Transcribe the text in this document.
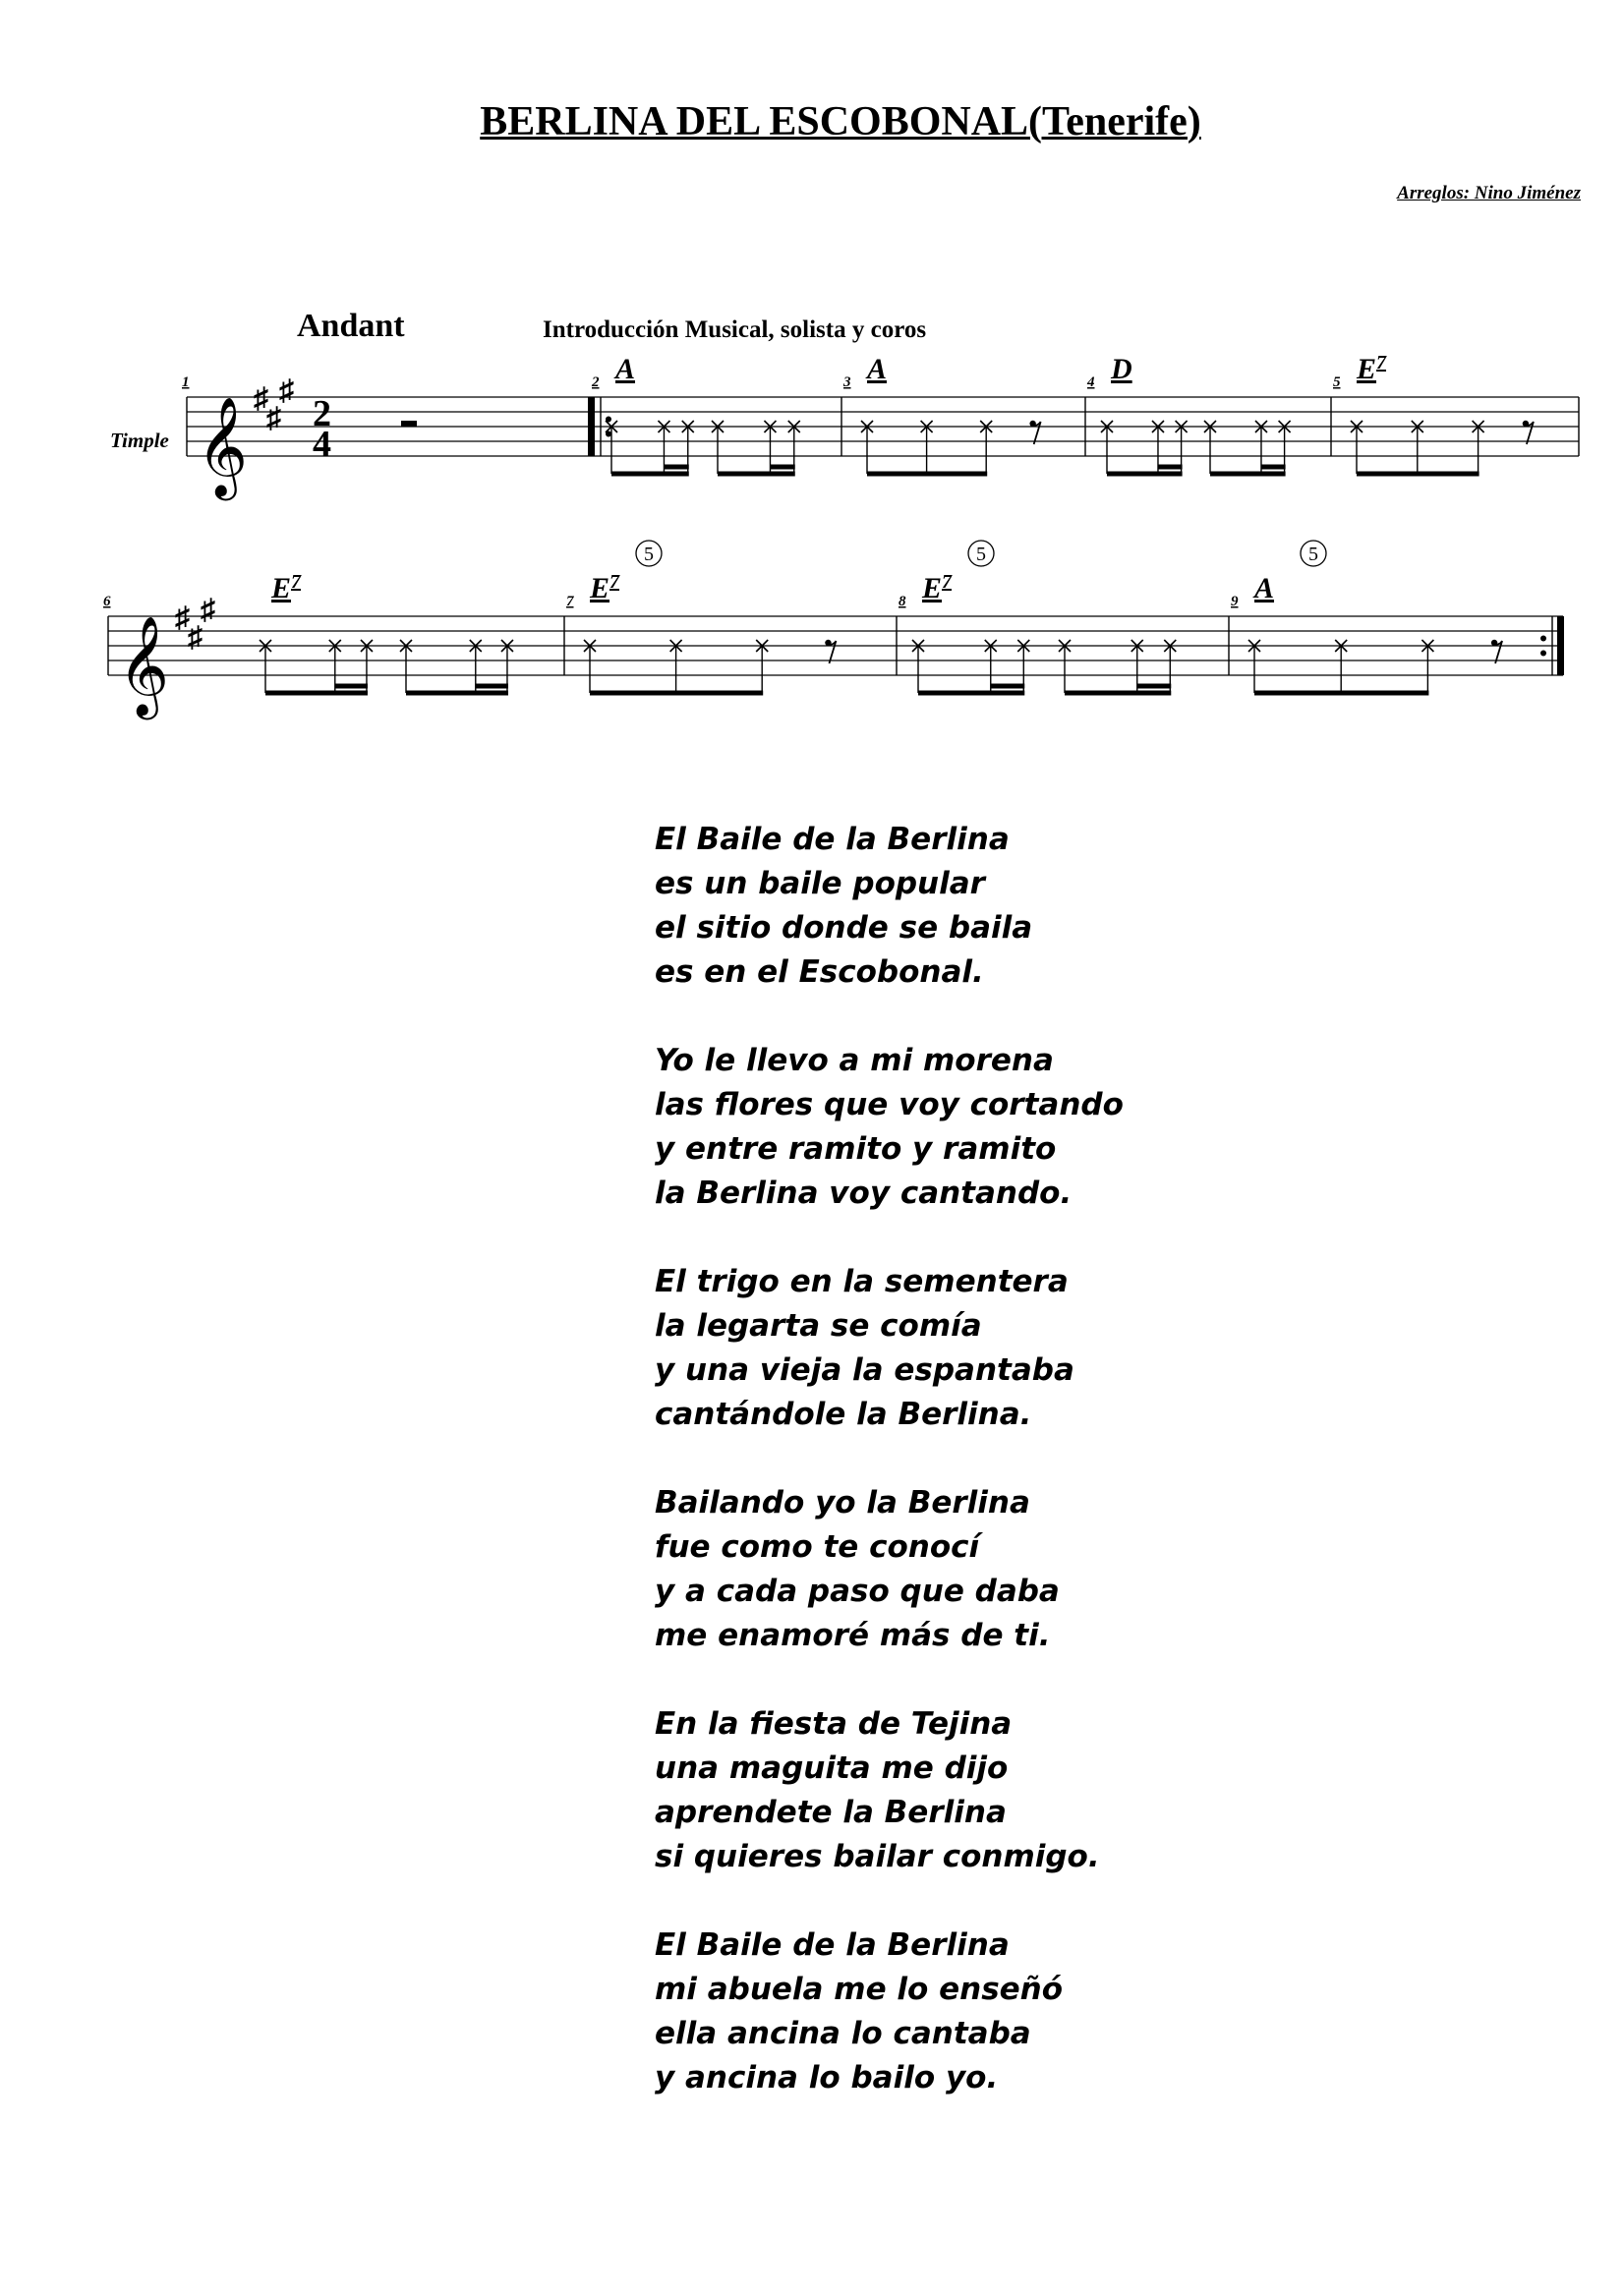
BERLINA DEL ESCOBONAL(Tenerife)
Arreglos: Nino Jiménez
Andant	Introducción Musical, solista y coros
Timple 𝄞
♯
♯
♯
2
4
1	2 A	3 A	4 D	5 $E^7$
𝄞
♯
♯
♯
6	$E^7$
7 $E^7$
5
8 $E^7$
5
9 A
5
El Baile de la Berlina
es un baile popular
el sitio donde se baila
es en el Escobonal.
Yo le llevo a mi morena
las flores que voy cortando
y entre ramito y ramito
la Berlina voy cantando.
El trigo en la sementera
la legarta se comía
y una vieja la espantaba
cantándole la Berlina.
Bailando yo la Berlina
fue como te conocí
y a cada paso que daba
me enamoré más de ti.
En la fiesta de Tejina
una maguita me dijo
aprendete la Berlina
si quieres bailar conmigo.
El Baile de la Berlina
mi abuela me lo enseñó
ella ancina lo cantaba
y ancina lo bailo yo.
